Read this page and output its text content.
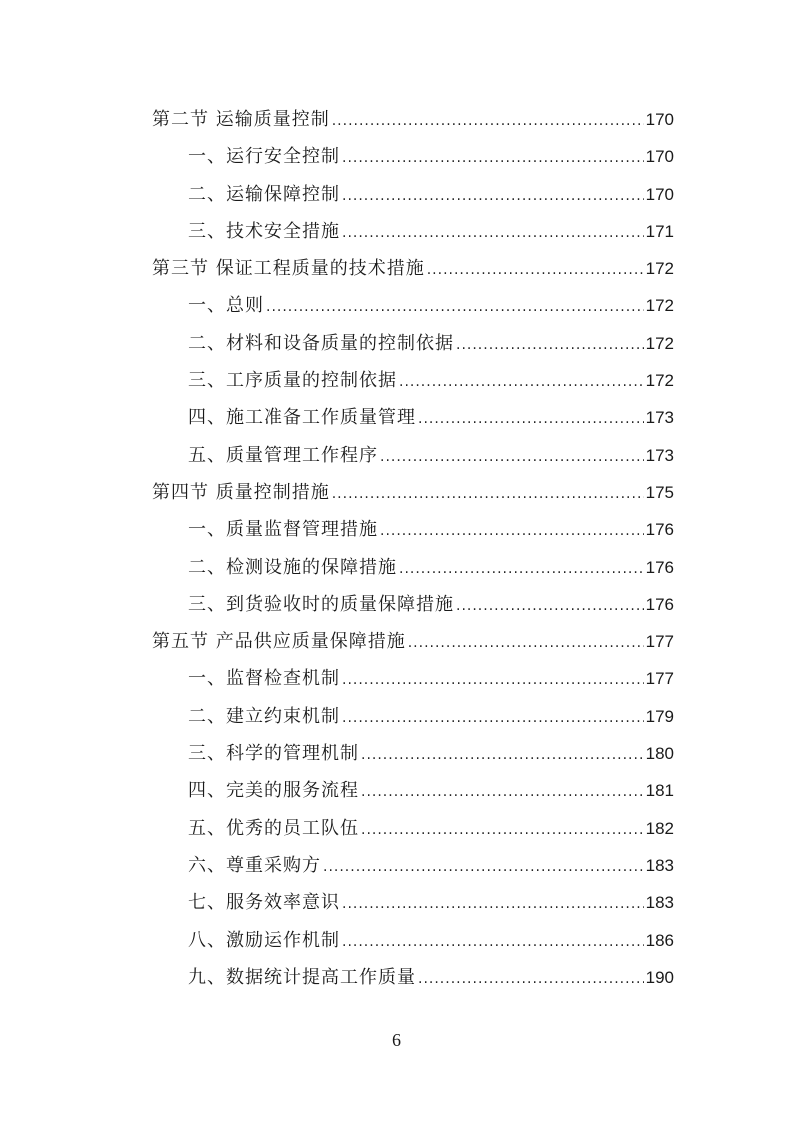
第二节 运输质量控制 .....	170
一、运行安全控制 .....	170
二、运输保障控制 .....	170
三、技术安全措施 .....	171
第三节 保证工程质量的技术措施 .....	172
一、总则 .....	172
二、材料和设备质量的控制依据 .....	172
三、工序质量的控制依据 .....	172
四、施工准备工作质量管理 .....	173
五、质量管理工作程序 .....	173
第四节 质量控制措施 .....	175
一、质量监督管理措施 .....	176
二、检测设施的保障措施 .....	176
三、到货验收时的质量保障措施 .....	176
第五节 产品供应质量保障措施 .....	177
一、监督检查机制 .....	177
二、建立约束机制 .....	179
三、科学的管理机制 .....	180
四、完美的服务流程 .....	181
五、优秀的员工队伍 .....	182
六、尊重采购方 .....	183
七、服务效率意识 .....	183
八、激励运作机制 .....	186
九、数据统计提高工作质量 .....	190
6
